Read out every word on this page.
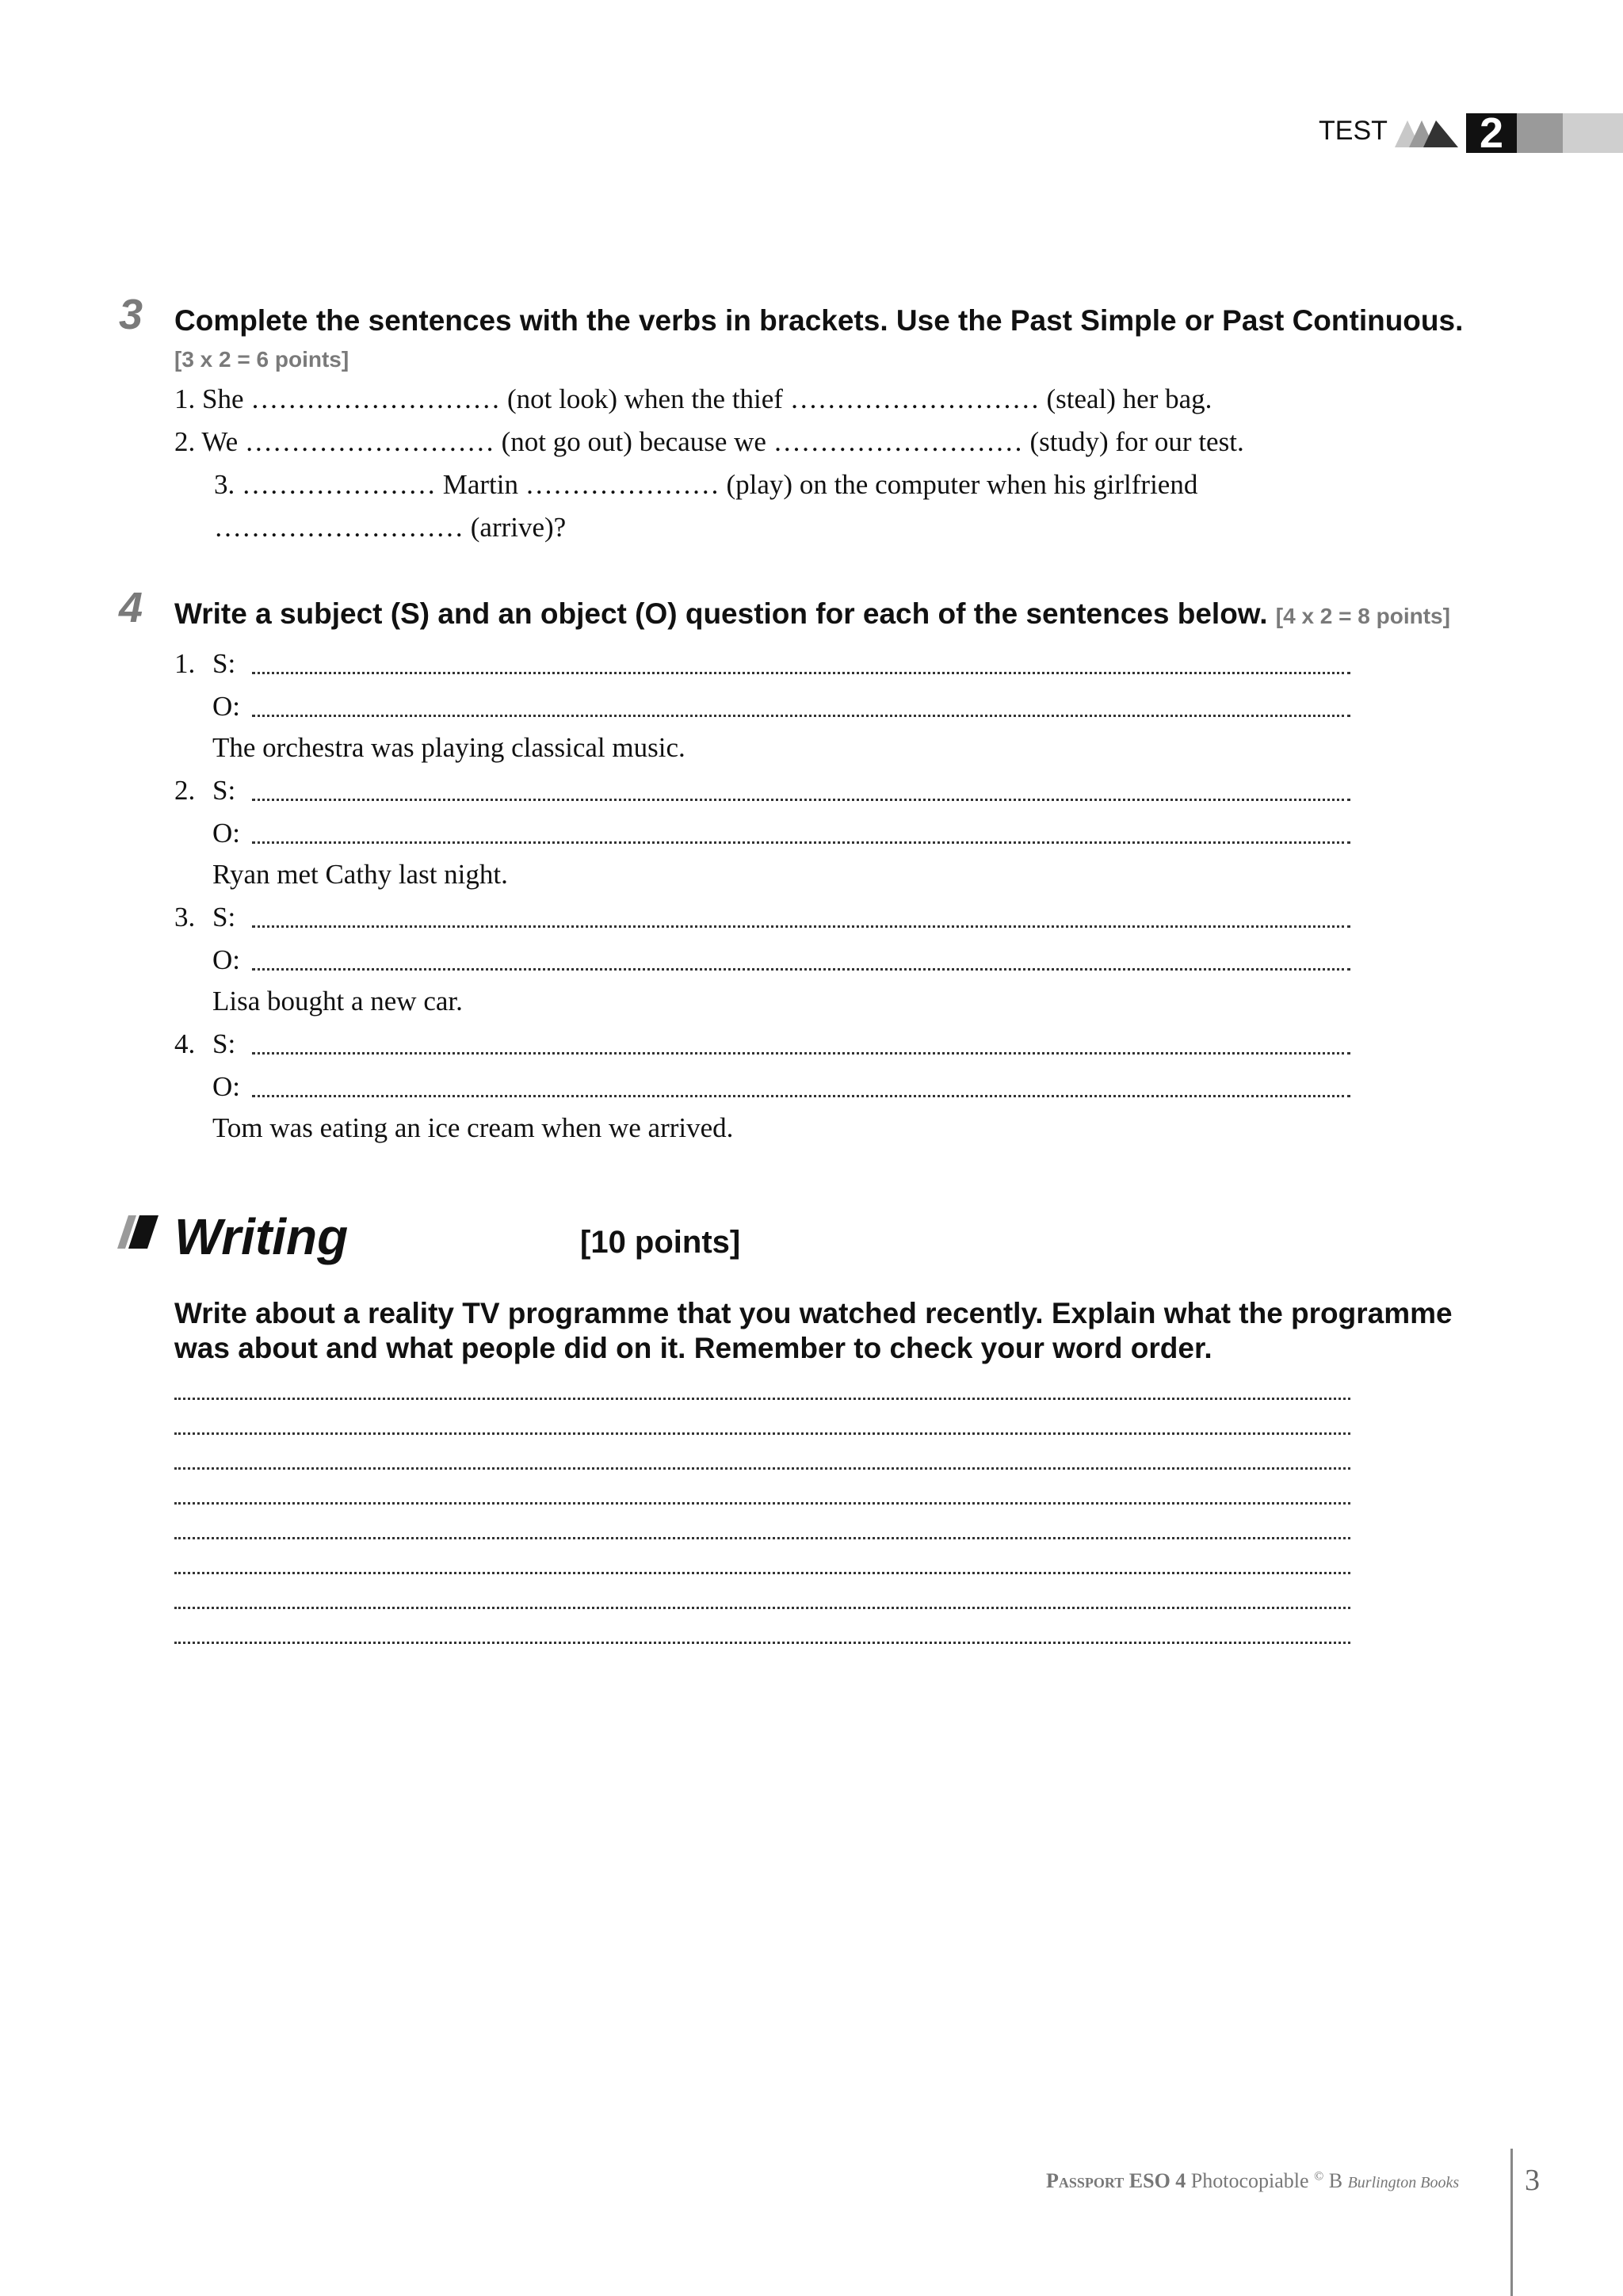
TEST	2
3 Complete the sentences with the verbs in brackets. Use the Past Simple or Past Continuous.
[3 x 2 = 6 points]
1. She ……………………… (not look) when the thief ……………………… (steal) her bag.
2. We ……………………… (not go out) because we ……………………… (study) for our test.
3. ………………… Martin ………………… (play) on the computer when his girlfriend
……………………… (arrive)?
4 Write a subject (S) and an object (O) question for each of the sentences below. [4 x 2 = 8 points]
1. S:
O:
The orchestra was playing classical music.
2. S:
O:
Ryan met Cathy last night.
3. S:
O:
Lisa bought a new car.
4. S:
O:
Tom was eating an ice cream when we arrived.
Writing	[10 points]
Write about a reality TV programme that you watched recently. Explain what the programme was about and what people did on it. Remember to check your word order.
Passport ESO 4 Photocopiable © B Burlington Books 3
